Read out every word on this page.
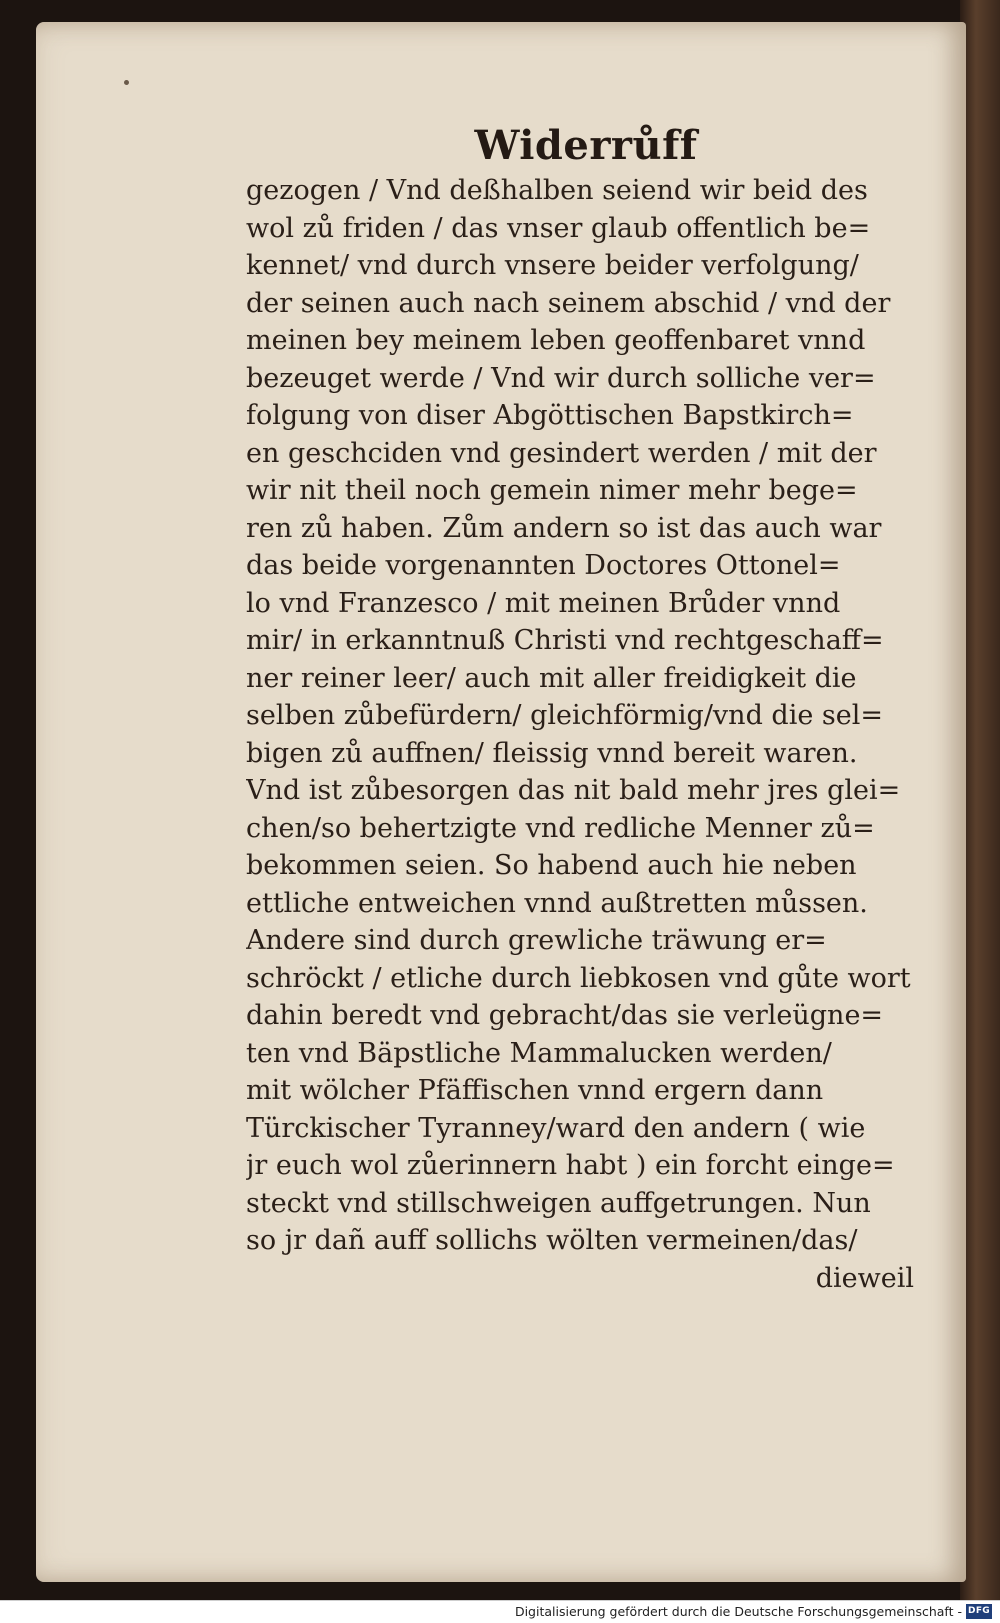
Widerrůff
gezogen / Vnd deßhalben seiend wir beid des
wol zů friden / das vnser glaub offentlich be=
kennet/ vnd durch vnsere beider verfolgung/
der seinen auch nach seinem abschid / vnd der
meinen bey meinem leben geoffenbaret vnnd
bezeuget werde / Vnd wir durch solliche ver=
folgung von diser Abgöttischen Bapstkirch=
en geschciden vnd gesindert werden / mit der
wir nit theil noch gemein nimer mehr bege=
ren zů haben. Zům andern so ist das auch war
das beide vorgenannten Doctores Ottonel=
lo vnd Franzesco / mit meinen Brůder vnnd
mir/ in erkanntnuß Christi vnd rechtgeschaff=
ner reiner leer/ auch mit aller freidigkeit die
selben zůbefürdern/ gleichförmig/vnd die sel=
bigen zů auffnen/ fleissig vnnd bereit waren.
Vnd ist zůbesorgen das nit bald mehr jres glei=
chen/so behertzigte vnd redliche Menner zů=
bekommen seien. So habend auch hie neben
ettliche entweichen vnnd außtretten můssen.
Andere sind durch grewliche träwung er=
schröckt / etliche durch liebkosen vnd gůte wort
dahin beredt vnd gebracht/das sie verleügne=
ten vnd Bäpstliche Mammalucken werden/
mit wölcher Pfäffischen vnnd ergern dann
Türckischer Tyranney/ward den andern ( wie
jr euch wol zůerinnern habt ) ein forcht einge=
steckt vnd stillschweigen auffgetrungen. Nun
so jr dañ auff sollichs wölten vermeinen/das/
dieweil
Digitalisierung gefördert durch die Deutsche Forschungsgemeinschaft - DFG
